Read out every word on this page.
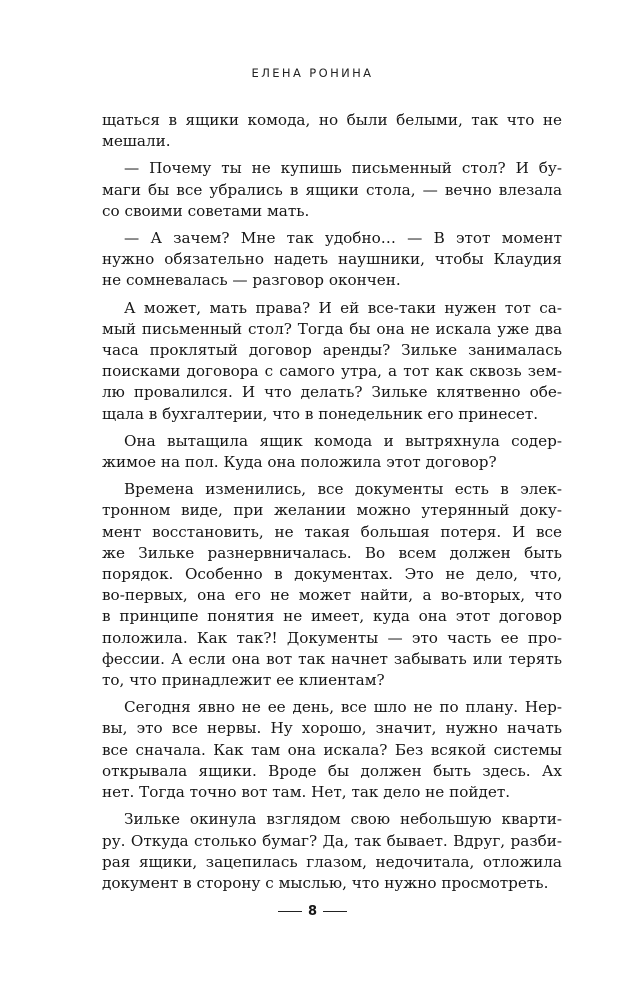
ЕЛЕНА РОНИНА

щаться в ящики комода, но были белыми, так что не
мешали.

— Почему ты не купишь письменный стол? И бу-
маги бы все убрались в ящики стола, — вечно влезала
со своими советами мать.

— А зачем? Мне так удобно… — В этот момент
нужно обязательно надеть наушники, чтобы Клаудия
не сомневалась — разговор окончен.

А может, мать права? И ей все-таки нужен тот са-
мый письменный стол? Тогда бы она не искала уже два
часа проклятый договор аренды? Зильке занималась
поисками договора с самого утра, а тот как сквозь зем-
лю провалился. И что делать? Зильке клятвенно обе-
щала в бухгалтерии, что в понедельник его принесет.

Она вытащила ящик комода и вытряхнула содер-
жимое на пол. Куда она положила этот договор?

Времена изменились, все документы есть в элек-
тронном виде, при желании можно утерянный доку-
мент восстановить, не такая большая потеря. И все
же Зильке разнервничалась. Во всем должен быть
порядок. Особенно в документах. Это не дело, что,
во-первых, она его не может найти, а во-вторых, что
в принципе понятия не имеет, куда она этот договор
положила. Как так?! Документы — это часть ее про-
фессии. А если она вот так начнет забывать или терять
то, что принадлежит ее клиентам?

Сегодня явно не ее день, все шло не по плану. Нер-
вы, это все нервы. Ну хорошо, значит, нужно начать
все сначала. Как там она искала? Без всякой системы
открывала ящики. Вроде бы должен быть здесь. Ах
нет. Тогда точно вот там. Нет, так дело не пойдет.

Зильке окинула взглядом свою небольшую кварти-
ру. Откуда столько бумаг? Да, так бывает. Вдруг, разби-
рая ящики, зацепилась глазом, недочитала, отложила
документ в сторону с мыслью, что нужно просмотреть.

8
